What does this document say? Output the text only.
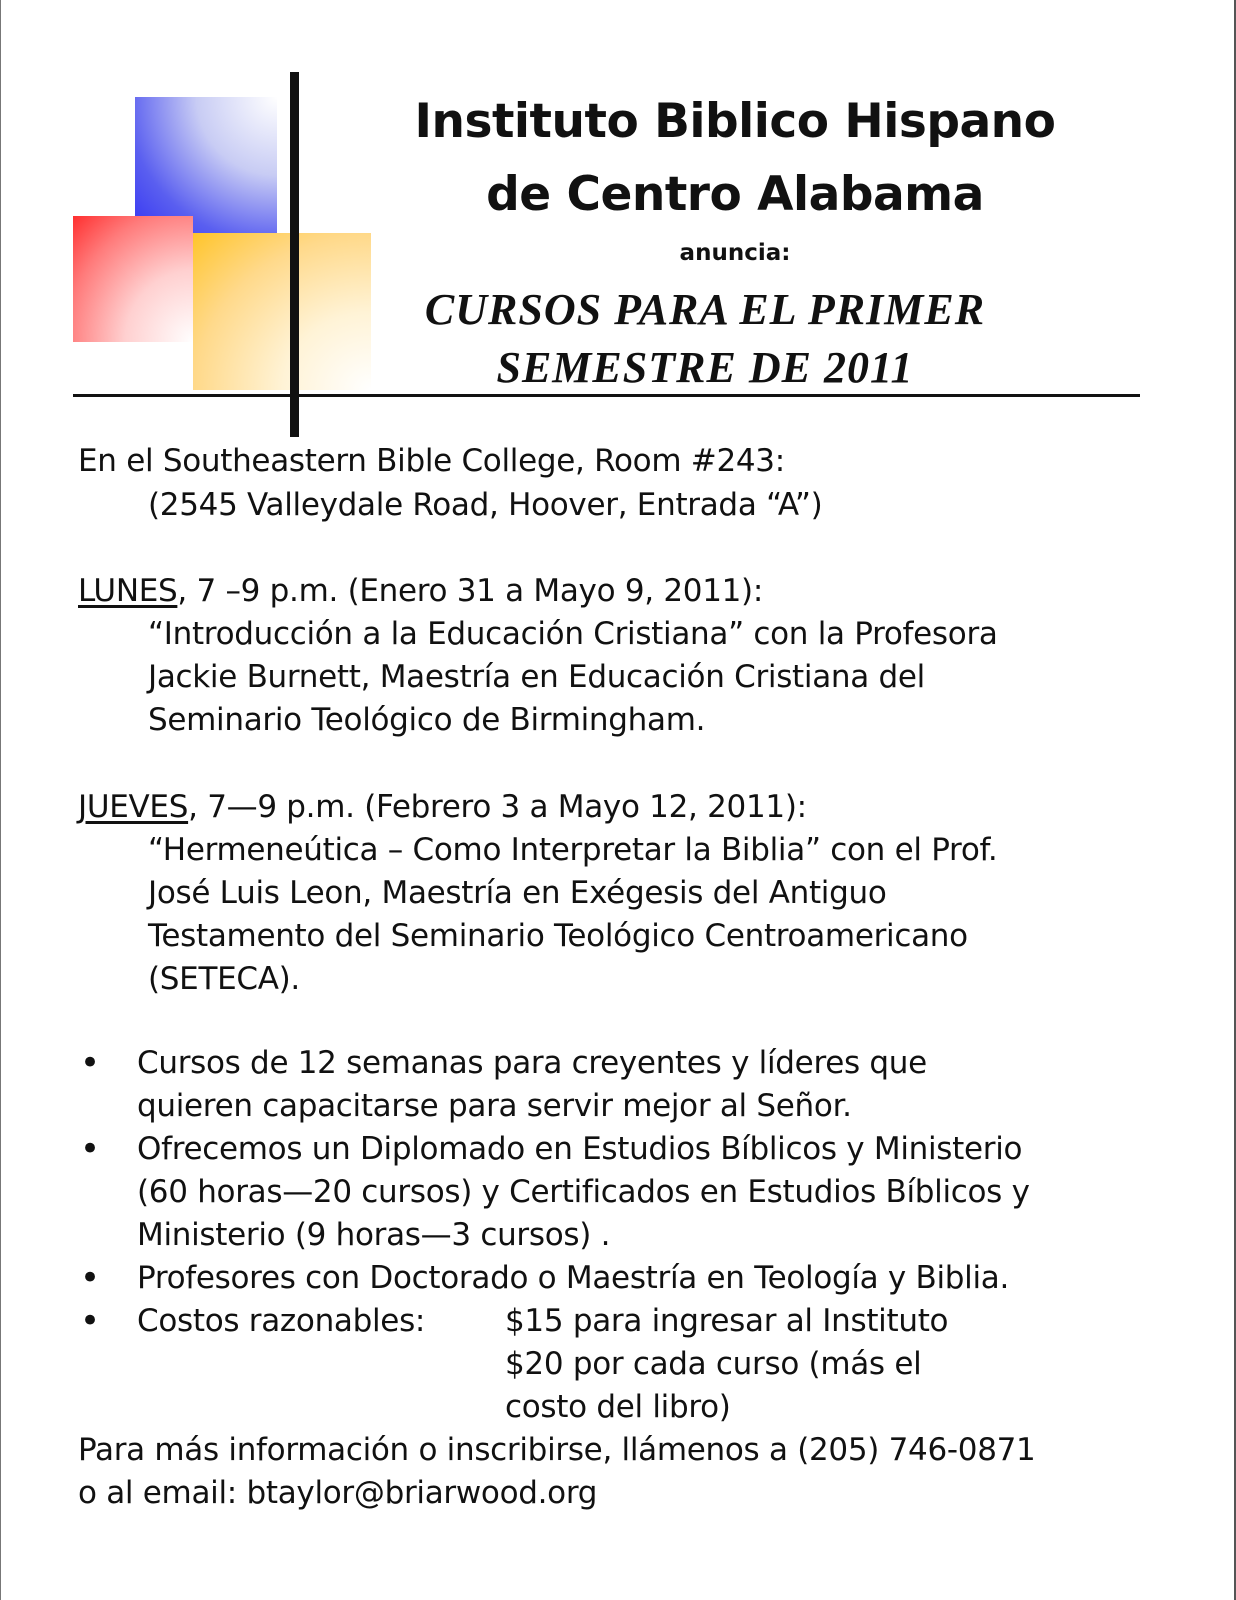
Instituto Biblico Hispano
de Centro Alabama
anuncia:
CURSOS PARA EL PRIMER
SEMESTRE DE 2011
En el Southeastern Bible College, Room #243:
(2545 Valleydale Road, Hoover, Entrada “A”)
LUNES, 7 –9 p.m. (Enero 31 a Mayo 9, 2011):
“Introducción a la Educación Cristiana” con la Profesora
Jackie Burnett, Maestría en Educación Cristiana del
Seminario Teológico de Birmingham.
JUEVES, 7—9 p.m. (Febrero 3 a Mayo 12, 2011):
“Hermeneútica – Como Interpretar la Biblia” con el Prof.
José Luis Leon, Maestría en Exégesis del Antiguo
Testamento del Seminario Teológico Centroamericano
(SETECA).
• Cursos de 12 semanas para creyentes y líderes que
quieren capacitarse para servir mejor al Señor.
• Ofrecemos un Diplomado en Estudios Bíblicos y Ministerio
(60 horas—20 cursos) y Certificados en Estudios Bíblicos y
Ministerio (9 horas—3 cursos) .
• Profesores con Doctorado o Maestría en Teología y Biblia.
• Costos razonables:	$15 para ingresar al Instituto
$20 por cada curso (más el
costo del libro)
Para más información o inscribirse, llámenos a (205) 746-0871
o al email: btaylor@briarwood.org
